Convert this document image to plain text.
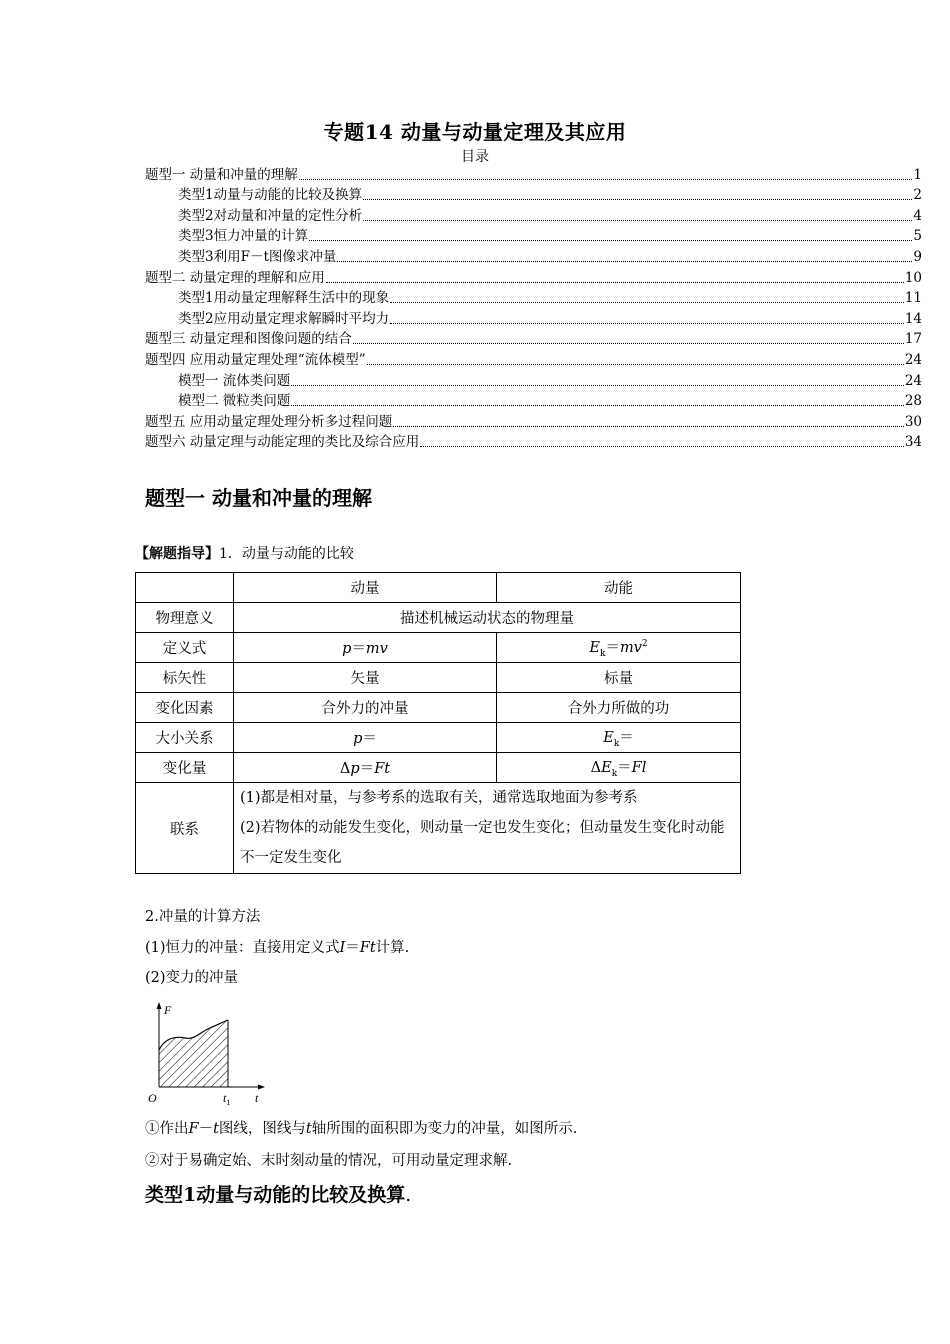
专题14 动量与动量定理及其应用
目录
题型一 动量和冲量的理解	1
类型1动量与动能的比较及换算	2
类型2对动量和冲量的定性分析	4
类型3恒力冲量的计算	5
类型3利用F－t图像求冲量	9
题型二 动量定理的理解和应用	10
类型1用动量定理解释生活中的现象	11
类型2应用动量定理求解瞬时平均力	14
题型三 动量定理和图像问题的结合	17
题型四 应用动量定理处理“流体模型”	24
模型一 流体类问题	24
模型二 微粒类问题	28
题型五 应用动量定理处理分析多过程问题	30
题型六 动量定理与动能定理的类比及综合应用	34
题型一 动量和冲量的理解
【解题指导】1．动量与动能的比较
	动量	动能
物理意义	描述机械运动状态的物理量	
定义式	p＝mv	$E_k=mv^2$
标矢性	矢量	标量
变化因素	合外力的冲量	合外力所做的功
大小关系	p＝	$E_k=$
变化量	Δp＝Ft	$\Delta E_k=Fl$
联系	(1)都是相对量，与参考系的选取有关，通常选取地面为参考系
(2)若物体的动能发生变化，则动量一定也发生变化；但动量发生变化时动能不一定发生变化	
2.冲量的计算方法
(1)恒力的冲量：直接用定义式I＝Ft计算.
(2)变力的冲量
F
t
O	$t_1$
①作出F－t图线，图线与t轴所围的面积即为变力的冲量，如图所示.
②对于易确定始、末时刻动量的情况，可用动量定理求解.
类型1动量与动能的比较及换算.
